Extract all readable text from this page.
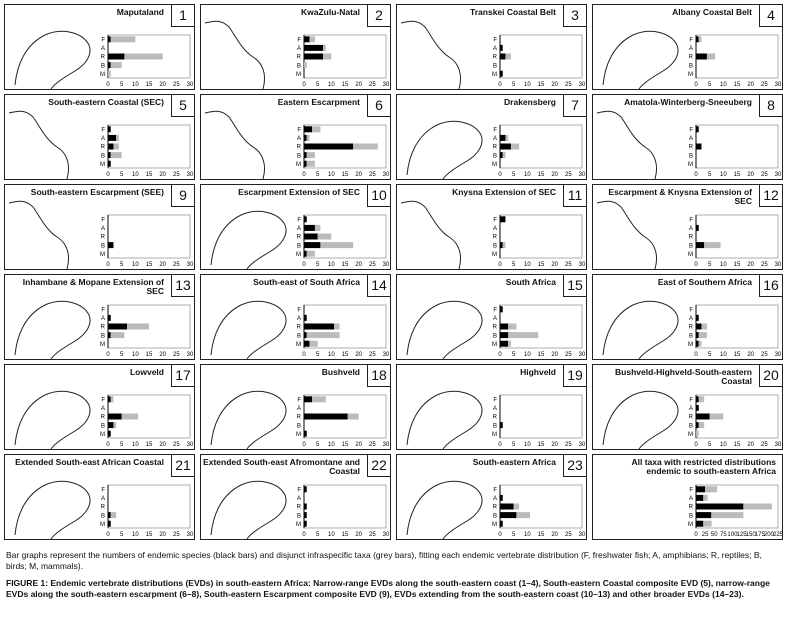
Maputaland	1
F
A
R
B
M
0 5 10 15 20 25 30
KwaZulu-Natal	2
F
A
R
B
M
0 5 10 15 20 25 30
Transkei Coastal Belt	3
F
A
R
B
M
0 5 10 15 20 25 30
Albany Coastal Belt	4
F
A
R
B
M
0 5 10 15 20 25 30
South-eastern Coastal (SEC)	5
F
A
R
B
M
0 5 10 15 20 25 30
Eastern Escarpment	6
F
A
R
B
M
0 5 10 15 20 25 30
Drakensberg	7
F
A
R
B
M
0 5 10 15 20 25 30
Amatola-Winterberg-Sneeuberg	8
F
A
R
B
M
0 5 10 15 20 25 30
South-eastern Escarpment (SEE)	9
F
A
R
B
M
0 5 10 15 20 25 30
Escarpment Extension of SEC 10
F
A
R
B
M
0 5 10 15 20 25 30
Knysna Extension of SEC 11
F
A
R
B
M
0 5 10 15 20 25 30
Escarpment & Knysna Extension of SEC 12
F
A
R
B
M
0 5 10 15 20 25 30
Inhambane & Mopane Extension of SEC 13
F
A
R
B
M
0 5 10 15 20 25 30
South-east of South Africa 14
F
A
R
B
M
0 5 10 15 20 25 30
South Africa 15
F
A
R
B
M
0 5 10 15 20 25 30
East of Southern Africa 16
F
A
R
B
M
0 5 10 15 20 25 30
Lowveld 17
F
A
R
B
M
0 5 10 15 20 25 30
Bushveld 18
F
A
R
B
M
0 5 10 15 20 25 30
Highveld 19
F
A
R
B
M
0 5 10 15 20 25 30
Bushveld-Highveld-South-eastern Coastal 20
F
A
R
B
M
0 5 10 15 20 25 30
Extended South-east African Coastal 21
F
A
R
B
M
0 5 10 15 20 25 30
Extended South-east Afromontane and Coastal 22
F
A
R
B
M
0 5 10 15 20 25 30
South-eastern Africa 23
F
A
R
B
M
0 5 10 15 20 25 30
All taxa with restricted distributions endemic to south-eastern Africa
F
A
R
B
M
0 25 50 75 100 125 150 175 200 225

Bar graphs represent the numbers of endemic species (black bars) and disjunct infraspecific taxa (grey bars), fitting each endemic vertebrate distribution (F, freshwater fish; A, amphibians; R, reptiles; B, birds; M, mammals).

FIGURE 1: Endemic vertebrate distributions (EVDs) in south-eastern Africa: Narrow-range EVDs along the south-eastern coast (1–4), South-eastern Coastal composite EVD (5), narrow-range EVDs along the south-eastern escarpment (6–8), South-eastern Escarpment composite EVD (9), EVDs extending from the south-eastern coast (10–13) and other broader EVDs (14–23).
